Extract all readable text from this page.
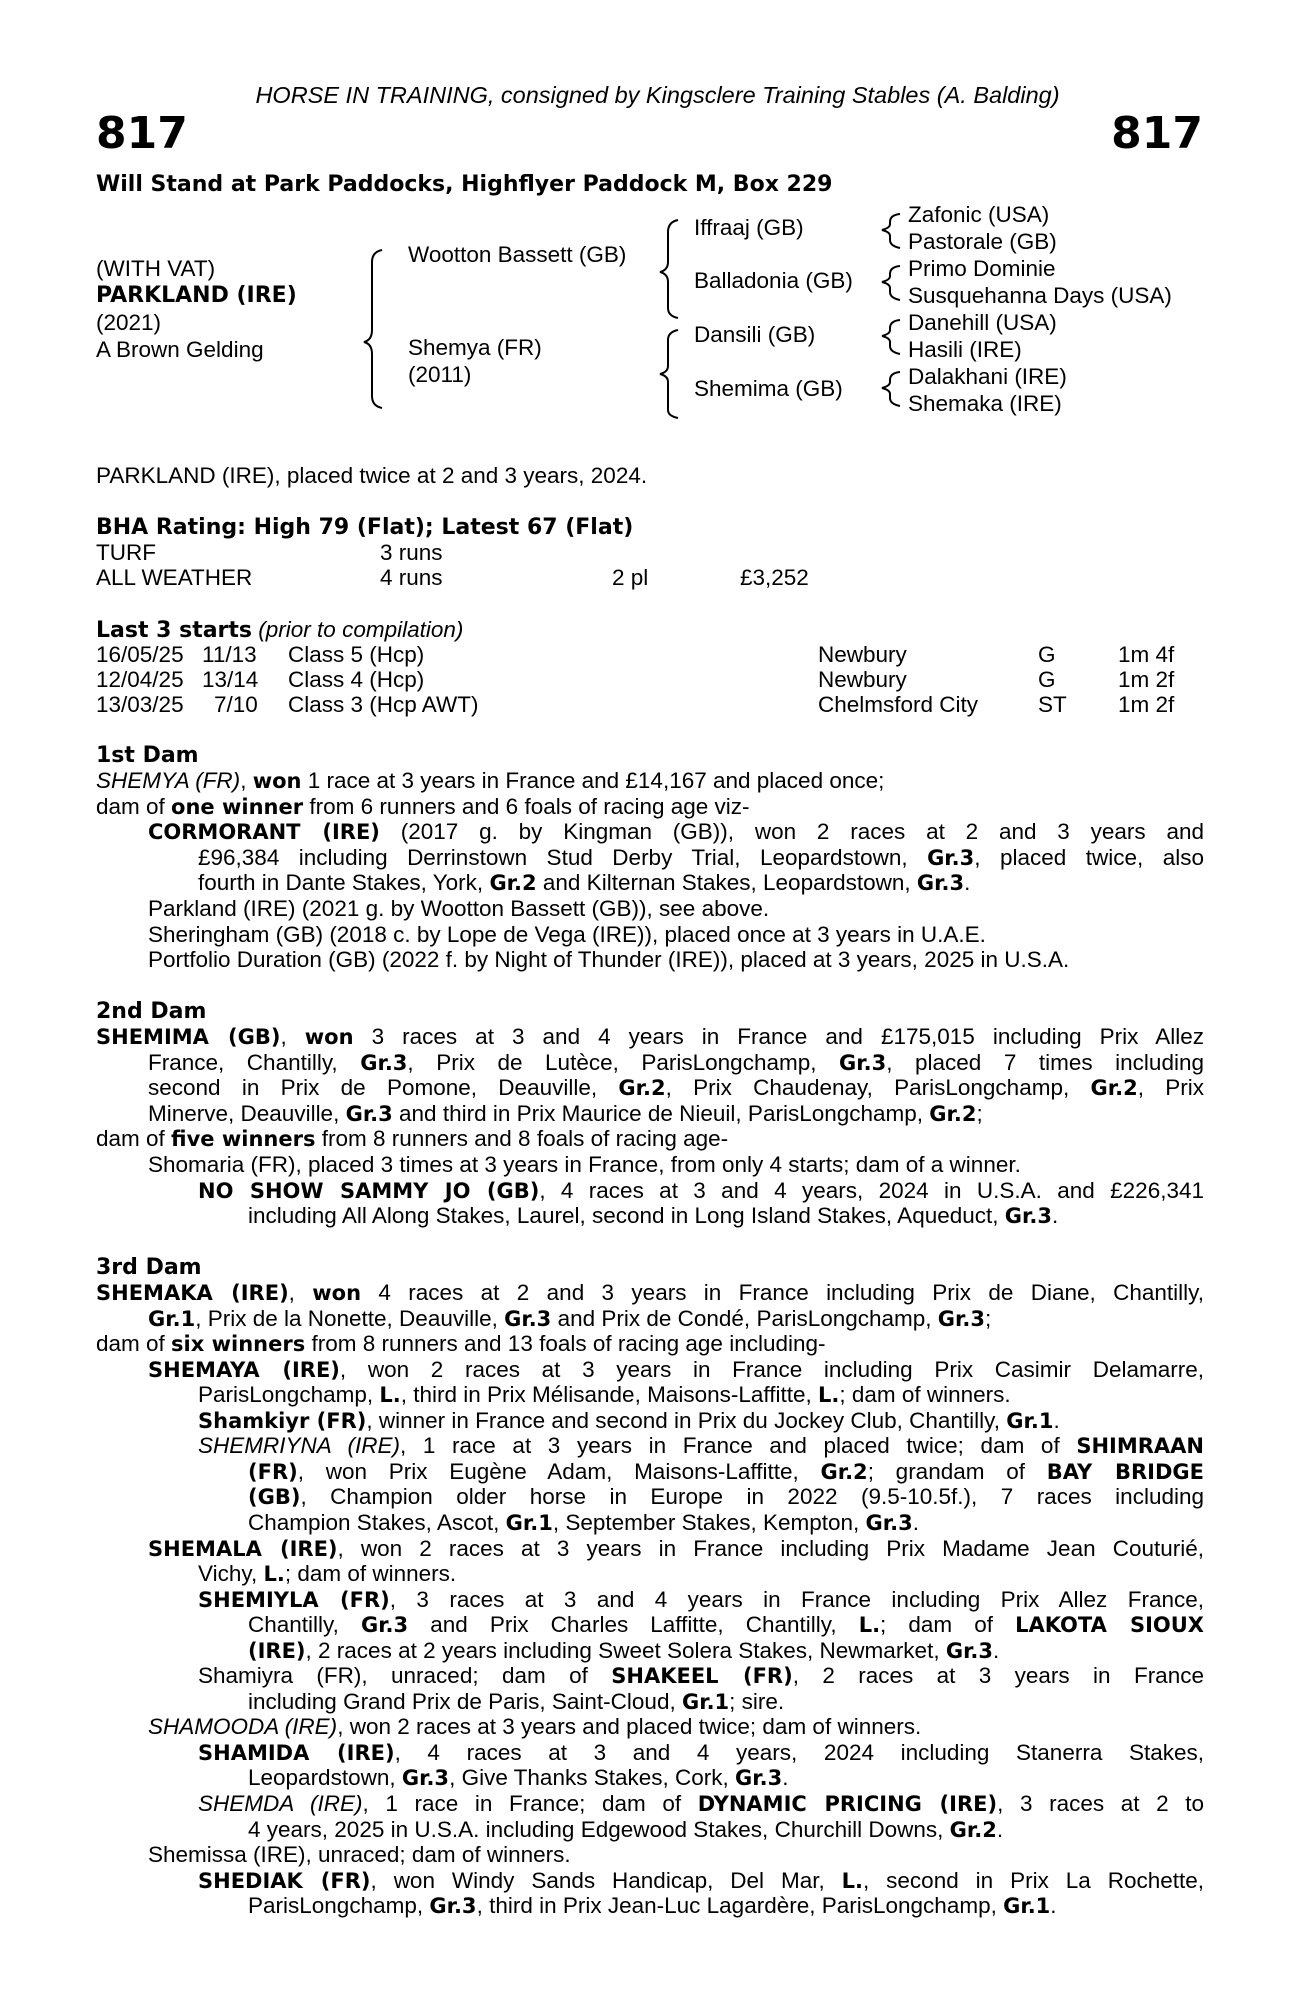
HORSE IN TRAINING, consigned by Kingsclere Training Stables (A. Balding)
817	817
Will Stand at Park Paddocks, Highflyer Paddock M, Box 229
(WITH VAT)
PARKLAND (IRE)
(2021)
A Brown Gelding
Wootton Bassett (GB)
Shemya (FR)
(2011)
Iffraaj (GB)
Balladonia (GB)
Dansili (GB)
Shemima (GB)
Zafonic (USA)
Pastorale (GB)
Primo Dominie
Susquehanna Days (USA)
Danehill (USA)
Hasili (IRE)
Dalakhani (IRE)
Shemaka (IRE)
PARKLAND (IRE), placed twice at 2 and 3 years, 2024.
BHA Rating: High 79 (Flat); Latest 67 (Flat)
TURF	3 runs
ALL WEATHER	4 runs	2 pl	£3,252
Last 3 starts (prior to compilation)
16/05/25 11/13 Class 5 (Hcp)	Newbury	G	1m 4f
12/04/25 13/14 Class 4 (Hcp)	Newbury	G	1m 2f
13/03/25 7/10 Class 3 (Hcp AWT)	Chelmsford City	ST 1m 2f
1st Dam
SHEMYA (FR), won 1 race at 3 years in France and £14,167 and placed once;
dam of one winner from 6 runners and 6 foals of racing age viz-
CORMORANT (IRE) (2017 g. by Kingman (GB)), won 2 races at 2 and 3 years and
£96,384 including Derrinstown Stud Derby Trial, Leopardstown, Gr.3, placed twice, also
fourth in Dante Stakes, York, Gr.2 and Kilternan Stakes, Leopardstown, Gr.3.
Parkland (IRE) (2021 g. by Wootton Bassett (GB)), see above.
Sheringham (GB) (2018 c. by Lope de Vega (IRE)), placed once at 3 years in U.A.E.
Portfolio Duration (GB) (2022 f. by Night of Thunder (IRE)), placed at 3 years, 2025 in U.S.A.
2nd Dam
SHEMIMA (GB), won 3 races at 3 and 4 years in France and £175,015 including Prix Allez
France, Chantilly, Gr.3, Prix de Lutèce, ParisLongchamp, Gr.3, placed 7 times including
second in Prix de Pomone, Deauville, Gr.2, Prix Chaudenay, ParisLongchamp, Gr.2, Prix
Minerve, Deauville, Gr.3 and third in Prix Maurice de Nieuil, ParisLongchamp, Gr.2;
dam of five winners from 8 runners and 8 foals of racing age-
Shomaria (FR), placed 3 times at 3 years in France, from only 4 starts; dam of a winner.
NO SHOW SAMMY JO (GB), 4 races at 3 and 4 years, 2024 in U.S.A. and £226,341
including All Along Stakes, Laurel, second in Long Island Stakes, Aqueduct, Gr.3.
3rd Dam
SHEMAKA (IRE), won 4 races at 2 and 3 years in France including Prix de Diane, Chantilly,
Gr.1, Prix de la Nonette, Deauville, Gr.3 and Prix de Condé, ParisLongchamp, Gr.3;
dam of six winners from 8 runners and 13 foals of racing age including-
SHEMAYA (IRE), won 2 races at 3 years in France including Prix Casimir Delamarre,
ParisLongchamp, L., third in Prix Mélisande, Maisons-Laffitte, L.; dam of winners.
Shamkiyr (FR), winner in France and second in Prix du Jockey Club, Chantilly, Gr.1.
SHEMRIYNA (IRE), 1 race at 3 years in France and placed twice; dam of SHIMRAAN
(FR), won Prix Eugène Adam, Maisons-Laffitte, Gr.2; grandam of BAY BRIDGE
(GB), Champion older horse in Europe in 2022 (9.5-10.5f.), 7 races including
Champion Stakes, Ascot, Gr.1, September Stakes, Kempton, Gr.3.
SHEMALA (IRE), won 2 races at 3 years in France including Prix Madame Jean Couturié,
Vichy, L.; dam of winners.
SHEMIYLA (FR), 3 races at 3 and 4 years in France including Prix Allez France,
Chantilly, Gr.3 and Prix Charles Laffitte, Chantilly, L.; dam of LAKOTA SIOUX
(IRE), 2 races at 2 years including Sweet Solera Stakes, Newmarket, Gr.3.
Shamiyra (FR), unraced; dam of SHAKEEL (FR), 2 races at 3 years in France
including Grand Prix de Paris, Saint-Cloud, Gr.1; sire.
SHAMOODA (IRE), won 2 races at 3 years and placed twice; dam of winners.
SHAMIDA (IRE), 4 races at 3 and 4 years, 2024 including Stanerra Stakes,
Leopardstown, Gr.3, Give Thanks Stakes, Cork, Gr.3.
SHEMDA (IRE), 1 race in France; dam of DYNAMIC PRICING (IRE), 3 races at 2 to
4 years, 2025 in U.S.A. including Edgewood Stakes, Churchill Downs, Gr.2.
Shemissa (IRE), unraced; dam of winners.
SHEDIAK (FR), won Windy Sands Handicap, Del Mar, L., second in Prix La Rochette,
ParisLongchamp, Gr.3, third in Prix Jean-Luc Lagardère, ParisLongchamp, Gr.1.
